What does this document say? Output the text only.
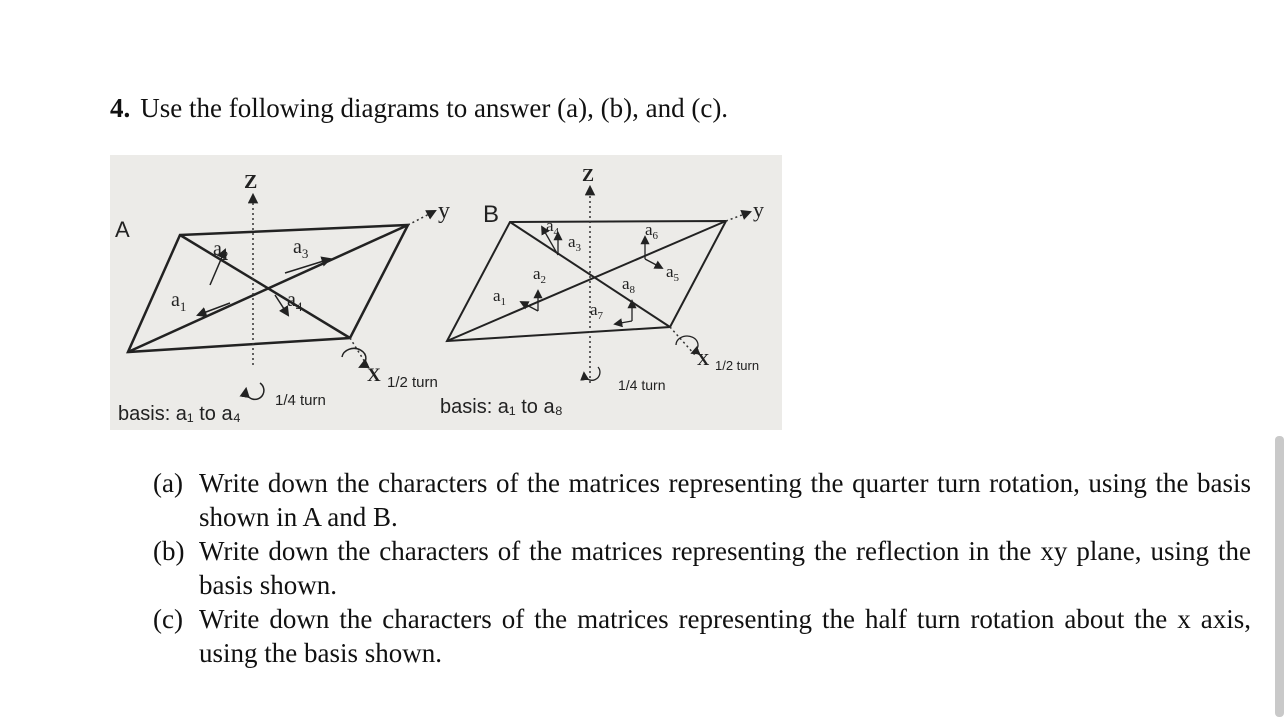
4. Use the following diagrams to answer (a), (b), and (c).
A
Z
y
$a_2$	$a_3$
$a_1$	$a_4$
X 1/2 turn
1/4 turn
basis: a₁ to a₄
B
Z
y
$a_4$ $a_3$
$a_2$
$a_1$
$a_6$
$a_5$
$a_8$
$a_7$
X 1/2 turn
1/4 turn
basis: a₁ to a₈
(a) Write down the characters of the matrices representing the quarter turn rotation, using the basis shown in A and B.
(b) Write down the characters of the matrices representing the reflection in the xy plane, using the basis shown.
(c) Write down the characters of the matrices representing the half turn rotation about the x axis, using the basis shown.
